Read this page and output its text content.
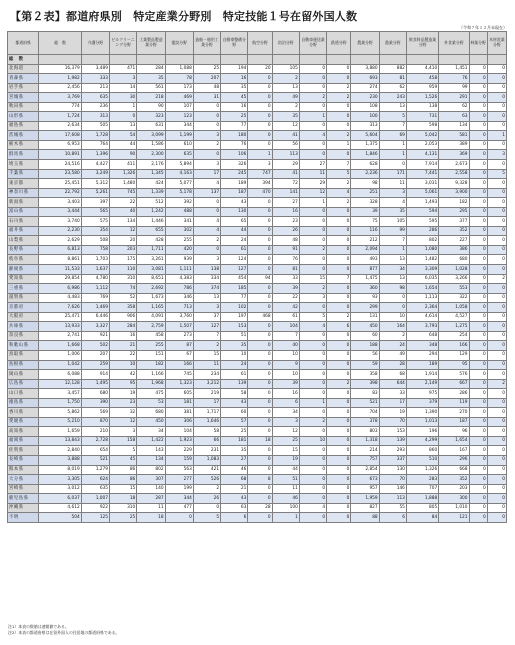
【第２表】都道府県別　特定産業分野別　特定技能１号在留外国人数
（令和７年１２月末現在）
都道府県	総　数	介護分野	ビルクリーニング分野	工業製品製造業分野	建設分野	造船・舶用工業分野	自動車整備分野	航空分野	宿泊分野	自動車運送業分野	鉄道分野	農業分野	漁業分野	飲食料品製造業分野	外食業分野	林業分野	木材産業分野
総　数																	
北海道	16,379	3,489	471	284	1,088	25	194	20	105	0	0	3,880	882	4,410	1,451	0	0
青森県	1,982	333	3	35	78	207	16	0	2	0	0	693	81	458	76	0	0
岩手県	2,456	213	14	561	173	48	35	0	13	0	2	274	62	959	99	0	0
宮城県	3,769	635	30	218	469	31	45	0	49	2	2	230	243	1,526	291	0	0
秋田県	774	236	1	90	107	0	16	0	2	0	0	108	13	138	62	0	0
山形県	1,724	313	0	323	123	0	25	0	35	1	0	100	5	731	63	0	0
福島県	2,634	505	13	631	344	0	77	0	12	0	0	313	7	598	134	0	0
茨城県	17,608	1,728	54	3,099	1,199	3	180	0	41	4	2	5,604	69	5,042	581	0	1
栃木県	6,953	764	44	1,586	610	2	76	0	56	0	1	1,375	1	2,053	389	0	0
群馬県	10,891	1,396	90	2,300	635	0	106	1	113	0	0	1,846	1	4,131	369	0	3
埼玉県	24,516	4,427	411	2,176	5,894	3	326	3	29	27	7	628	0	7,914	2,673	0	0
千葉県	23,580	3,249	1,326	1,345	4,163	17	245	747	41	11	5	2,236	171	7,441	2,558	0	5
東京都	25,451	5,312	1,480	424	5,077	4	189	394	72	29	2	98	11	3,031	9,328	0	0
神奈川県	22,792	5,261	745	1,339	5,178	137	187	470	141	12	4	251	3	5,061	3,900	0	0
新潟県	3,403	397	22	512	392	0	43	0	27	1	2	328	4	1,493	182	0	0
富山県	3,444	565	40	1,242	488	0	130	0	16	0	0	39	35	594	295	0	0
石川県	3,740	575	134	1,446	341	4	65	0	23	0	0	75	105	595	377	0	0
福井県	2,230	354	12	655	302	4	44	0	26	0	0	116	99	286	352	0	0
山梨県	2,629	508	20	428	255	2	24	0	48	0	0	212	7	802	227	0	0
長野県	6,813	758	203	1,711	420	0	61	0	91	2	0	2,094	1	1,080	386	0	0
岐阜県	8,861	1,703	175	3,261	939	3	124	0	76	0	0	493	13	1,482	680	0	0
静岡県	11,533	1,637	110	3,081	1,111	138	127	0	81	0	0	877	34	3,309	1,028	0	0
愛知県	29,854	4,780	310	8,651	4,383	334	454	94	33	15	7	1,475	13	6,035	3,266	0	2
三重県	6,986	1,112	74	2,692	786	374	185	0	39	2	0	360	98	1,654	553	0	0
滋賀県	4,483	769	52	1,673	346	13	77	0	22	3	0	93	0	1,113	322	0	0
京都府	7,626	1,469	358	1,165	713	3	102	0	42	0	0	299	0	2,364	1,058	0	0
大阪府	25,471	6,446	906	4,091	3,760	37	197	468	61	5	2	131	10	4,614	4,527	0	0
兵庫県	13,933	3,327	284	2,759	1,507	127	153	0	104	4	6	450	164	3,793	1,275	0	0
奈良県	2,741	921	16	458	273	7	51	0	7	0	0	60	2	648	254	0	0
和歌山県	1,668	502	21	255	87	2	35	0	40	0	0	188	24	348	166	0	0
鳥取県	1,006	207	22	151	67	15	10	0	10	0	0	56	49	294	129	0	0
島根県	1,042	259	10	182	166	11	24	0	9	0	0	59	28	189	95	0	0
岡山県	6,088	914	42	1,166	745	234	61	0	10	0	0	358	68	1,914	576	0	0
広島県	12,128	1,495	95	1,968	1,323	3,212	139	0	39	0	2	398	644	2,149	667	0	2
山口県	3,457	680	19	475	605	219	58	0	16	0	0	83	33	975	286	0	0
徳島県	1,750	390	23	53	181	17	43	0	6	1	0	521	17	379	119	0	0
香川県	5,862	569	32	680	381	1,717	60	0	34	0	0	704	19	1,390	270	0	0
愛媛県	5,210	870	12	450	306	1,646	57	0	3	2	0	378	70	1,013	187	0	0
高知県	1,659	210	3	34	104	58	25	0	12	0	0	803	153	196	96	0	0
福岡県	13,843	2,728	158	1,422	1,923	66	181	18	25	10	0	1,318	139	4,299	1,654	0	0
佐賀県	2,840	654	5	143	229	231	35	0	15	0	0	214	293	860	167	0	0
長崎県	3,888	521	45	134	159	1,083	27	0	19	0	0	757	337	510	296	0	0
熊本県	8,019	1,279	86	802	563	421	46	0	44	0	0	2,854	130	1,326	668	0	0
大分県	3,305	624	86	307	277	526	68	8	51	0	0	673	70	283	352	0	0
宮崎県	3,012	635	15	140	199	2	21	0	11	0	0	957	146	707	203	0	0
鹿児島県	6,037	1,007	18	287	344	26	43	0	46	0	0	1,959	113	1,888	300	0	0
沖縄県	4,612	922	310	11	477	0	63	28	100	4	0	827	55	805	1,010	0	0
不明	504	125	25	18	0	5	6	0	1	0	0	88	6	84	121	0	0
注1）本表の数値は速報値である。
注2）本表の都道府県は在留外国人の住居地の都道府県である。
